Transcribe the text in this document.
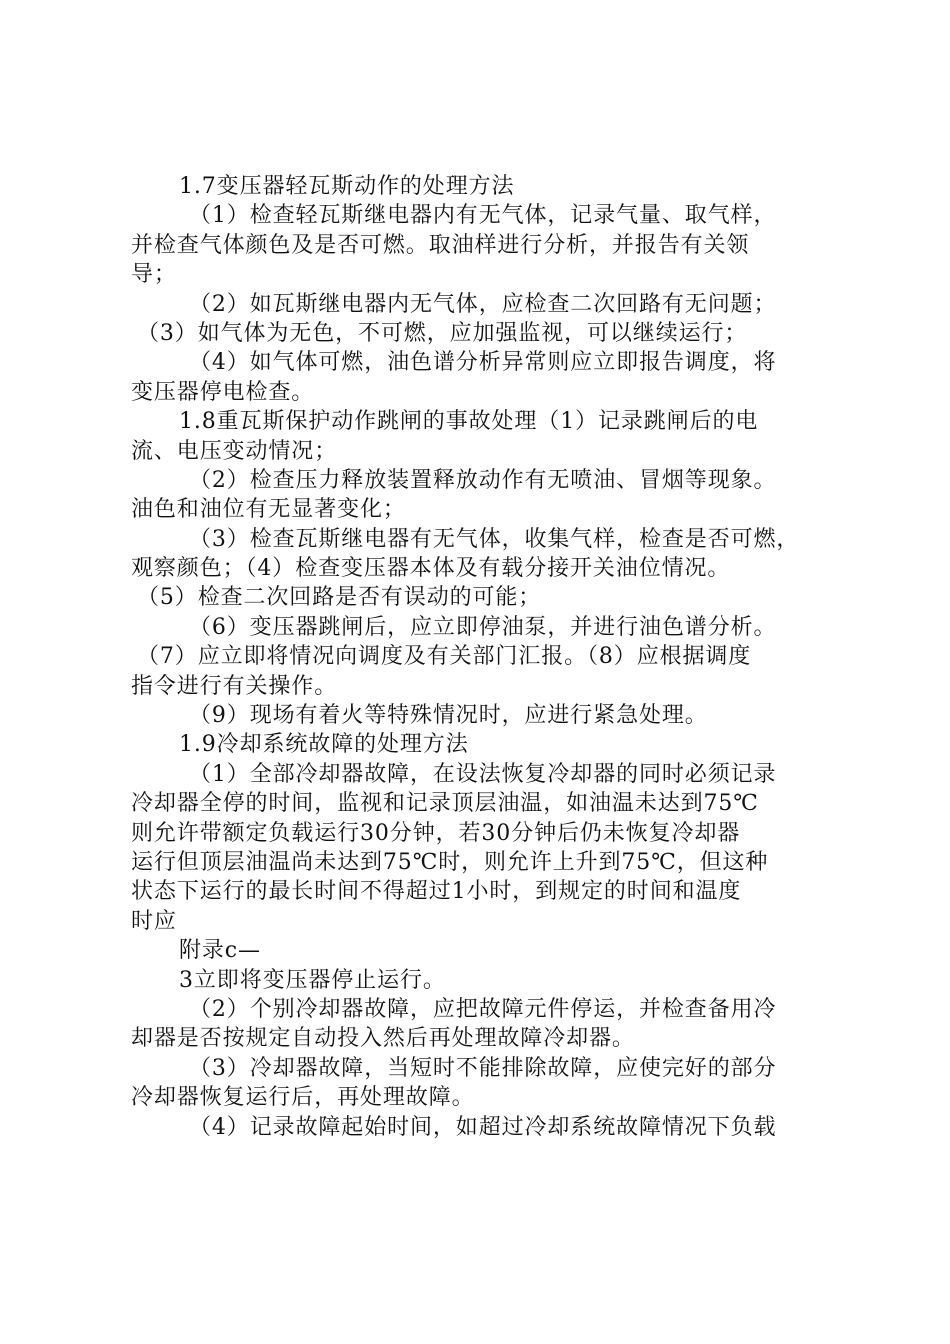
1.7变压器轻瓦斯动作的处理方法
（1）检查轻瓦斯继电器内有无气体，记录气量、取气样，
并检查气体颜色及是否可燃。取油样进行分析，并报告有关领
导；
（2）如瓦斯继电器内无气体，应检查二次回路有无问题；
（3）如气体为无色，不可燃，应加强监视，可以继续运行；
（4）如气体可燃，油色谱分析异常则应立即报告调度，将
变压器停电检查。
1.8重瓦斯保护动作跳闸的事故处理（1）记录跳闸后的电
流、电压变动情况；
（2）检查压力释放装置释放动作有无喷油、冒烟等现象。
油色和油位有无显著变化；
（3）检查瓦斯继电器有无气体，收集气样，检查是否可燃，
观察颜色；（4）检查变压器本体及有载分接开关油位情况。
（5）检查二次回路是否有误动的可能；
（6）变压器跳闸后，应立即停油泵，并进行油色谱分析。
（7）应立即将情况向调度及有关部门汇报。（8）应根据调度
指令进行有关操作。
（9）现场有着火等特殊情况时，应进行紧急处理。
1.9冷却系统故障的处理方法
（1）全部冷却器故障，在设法恢复冷却器的同时必须记录
冷却器全停的时间，监视和记录顶层油温，如油温未达到75℃
则允许带额定负载运行30分钟，若30分钟后仍未恢复冷却器
运行但顶层油温尚未达到75℃时，则允许上升到75℃，但这种
状态下运行的最长时间不得超过1小时，到规定的时间和温度
时应
附录c—
3立即将变压器停止运行。
（2）个别冷却器故障，应把故障元件停运，并检查备用冷
却器是否按规定自动投入然后再处理故障冷却器。
（3）冷却器故障，当短时不能排除故障，应使完好的部分
冷却器恢复运行后，再处理故障。
（4）记录故障起始时间，如超过冷却系统故障情况下负载
